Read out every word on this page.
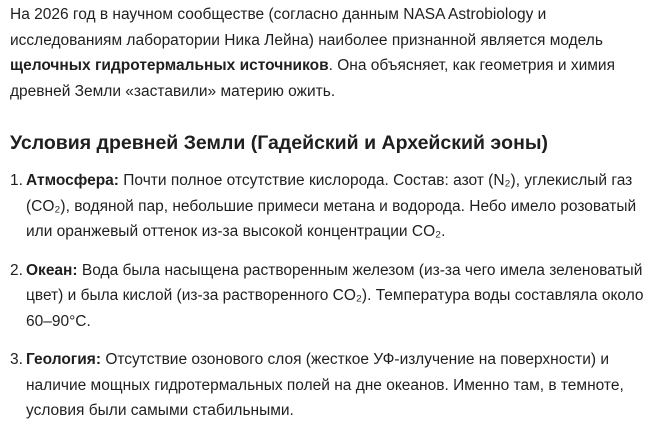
На 2026 год в научном сообществе (согласно данным NASA Astrobiology и исследованиям лаборатории Ника Лейна) наиболее признанной является модель щелочных гидротермальных источников. Она объясняет, как геометрия и химия древней Земли «заставили» материю ожить.

Условия древней Земли (Гадейский и Архейский эоны)
1. Атмосфера: Почти полное отсутствие кислорода. Состав: азот (N₂), углекислый газ (CO₂), водяной пар, небольшие примеси метана и водорода. Небо имело розоватый или оранжевый оттенок из-за высокой концентрации CO₂.
2. Океан: Вода была насыщена растворенным железом (из-за чего имела зеленоватый цвет) и была кислой (из-за растворенного CO₂). Температура воды составляла около 60–90°C.
3. Геология: Отсутствие озонового слоя (жесткое УФ-излучение на поверхности) и наличие мощных гидротермальных полей на дне океанов. Именно там, в темноте, условия были самыми стабильными.
